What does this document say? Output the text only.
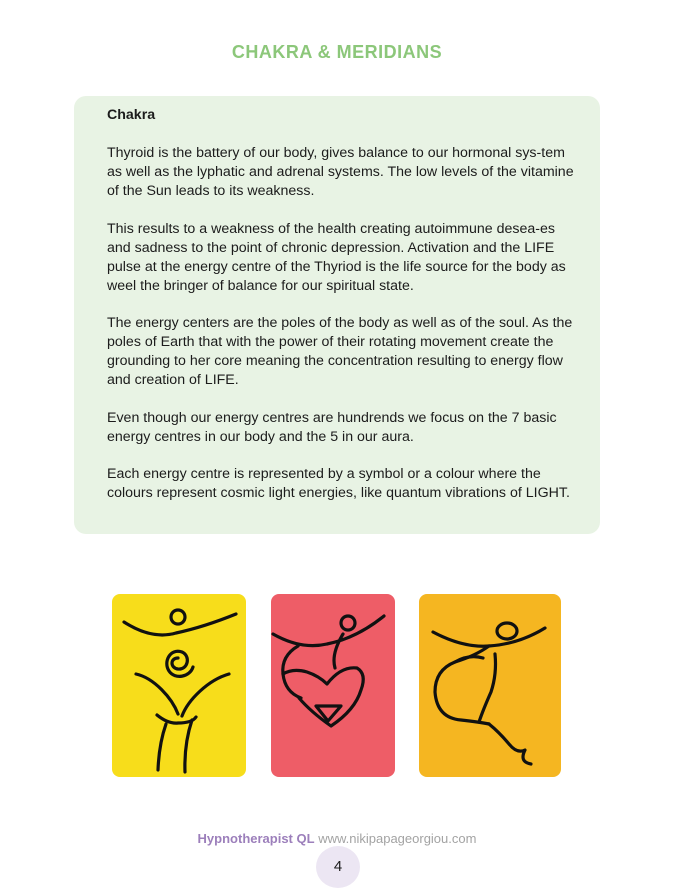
CHAKRA & MERIDIANS
Chakra

Thyroid is the battery of our body, gives balance to our hormonal sys-tem as well as the lyphatic and adrenal systems. The low levels of the vitamine of the Sun leads to its weakness.

This results to a weakness of the health creating autoimmune desea-es and sadness to the point of chronic depression. Activation and the LIFE pulse at the energy centre of the Thyriod is the life source for the body as weel the bringer of balance for our spiritual state.

The energy centers are the poles of the body as well as of the soul. As the poles of Earth that with the power of their rotating movement create the grounding to her core meaning the concentration resulting to energy flow and creation of LIFE.

Even though our energy centres are hundrends we focus on the 7 basic energy centres in our body and the 5 in our aura.

Each energy centre is represented by a symbol or a colour where the colours represent cosmic light energies, like quantum vibrations of LIGHT.

Hypnotherapist QL www.nikipapageorgiou.com
4
